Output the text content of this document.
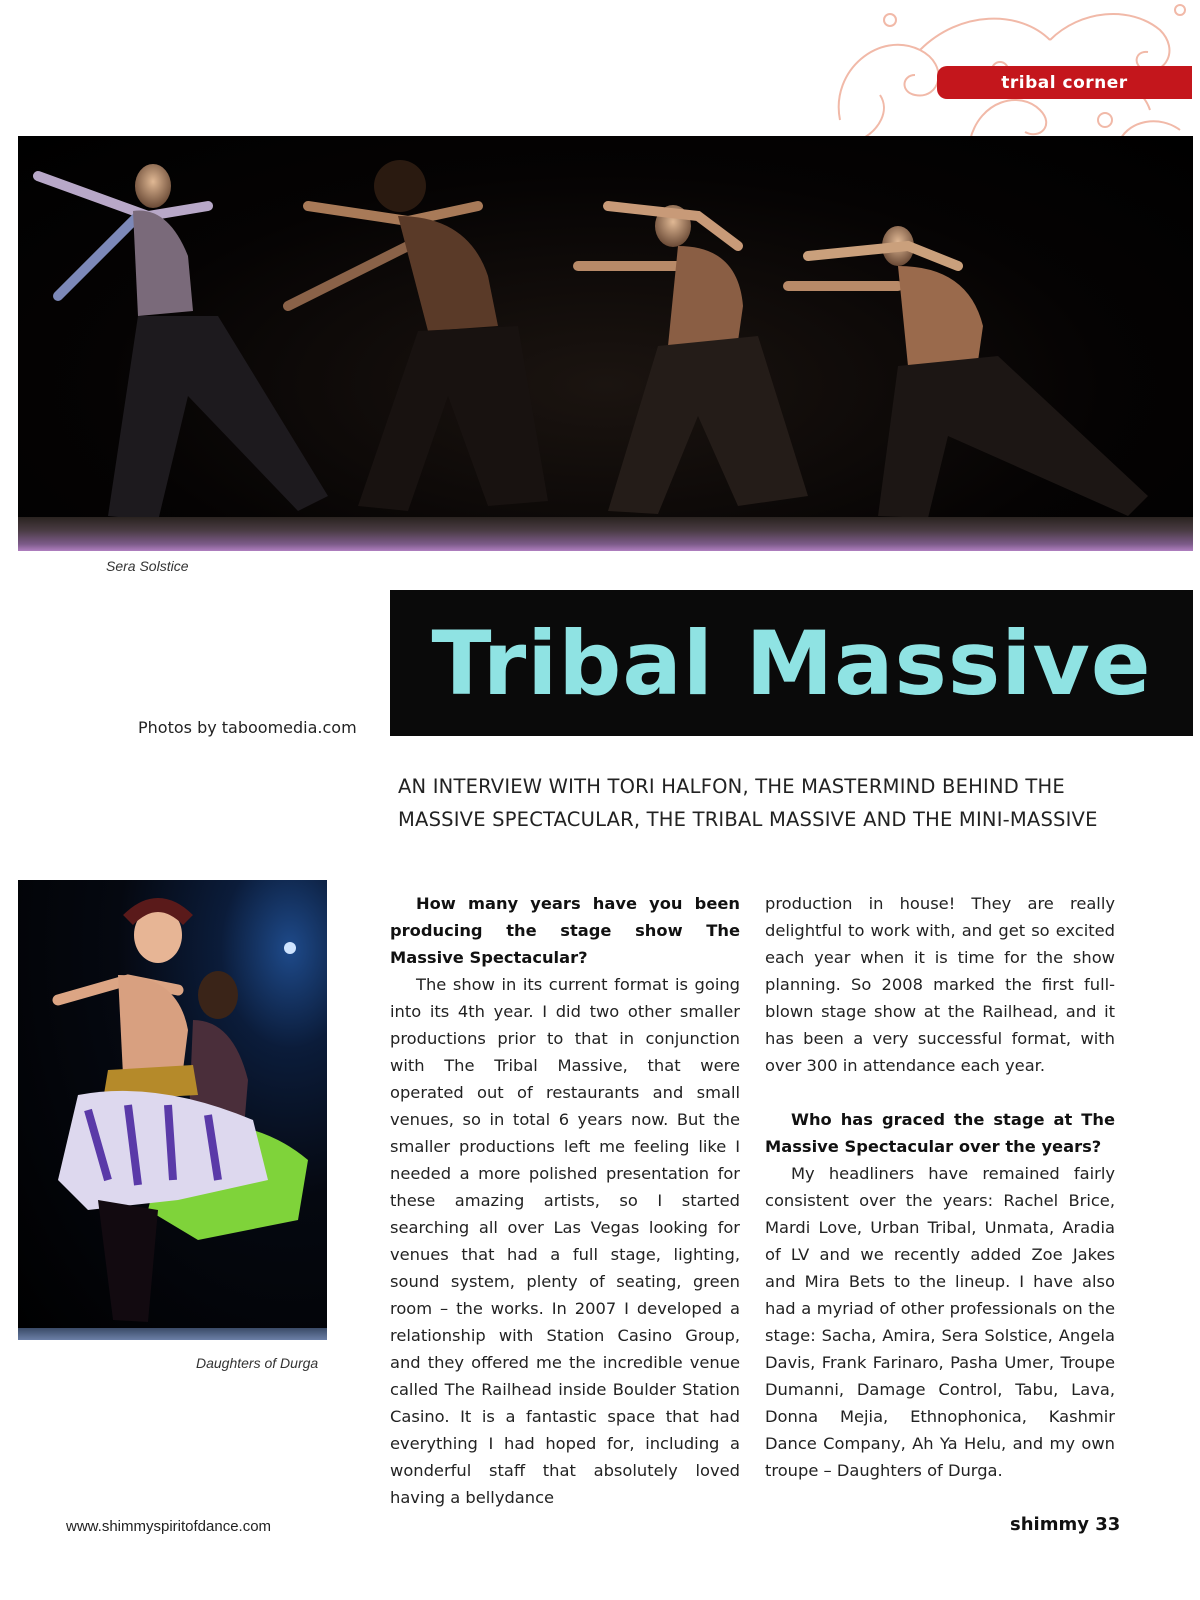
tribal corner
Sera Solstice
Tribal Massive
Photos by taboomedia.com
AN INTERVIEW WITH TORI HALFON, THE MASTERMIND BEHIND THE MASSIVE SPECTACULAR, THE TRIBAL MASSIVE AND THE MINI-MASSIVE
Daughters of Durga

How many years have you been producing the stage show The Massive Spectacular?

The show in its current format is going into its 4th year. I did two other smaller productions prior to that in conjunction with The Tribal Massive, that were operated out of restaurants and small venues, so in total 6 years now. But the smaller productions left me feeling like I needed a more polished presentation for these amazing artists, so I started searching all over Las Vegas looking for venues that had a full stage, lighting, sound system, plenty of seating, green room – the works. In 2007 I developed a relationship with Station Casino Group, and they offered me the incredible venue called The Railhead inside Boulder Station Casino. It is a fantastic space that had everything I had hoped for, including a wonderful staff that absolutely loved having a bellydance

production in house! They are really delightful to work with, and get so excited each year when it is time for the show planning. So 2008 marked the first full-blown stage show at the Railhead, and it has been a very successful format, with over 300 in attendance each year.

Who has graced the stage at The Massive Spectacular over the years?

My headliners have remained fairly consistent over the years: Rachel Brice, Mardi Love, Urban Tribal, Unmata, Aradia of LV and we recently added Zoe Jakes and Mira Bets to the lineup. I have also had a myriad of other professionals on the stage: Sacha, Amira, Sera Solstice, Angela Davis, Frank Farinaro, Pasha Umer, Troupe Dumanni, Damage Control, Tabu, Lava, Donna Mejia, Ethnophonica, Kashmir Dance Company, Ah Ya Helu, and my own troupe – Daughters of Durga.

www.shimmyspiritofdance.com	shimmy 33
